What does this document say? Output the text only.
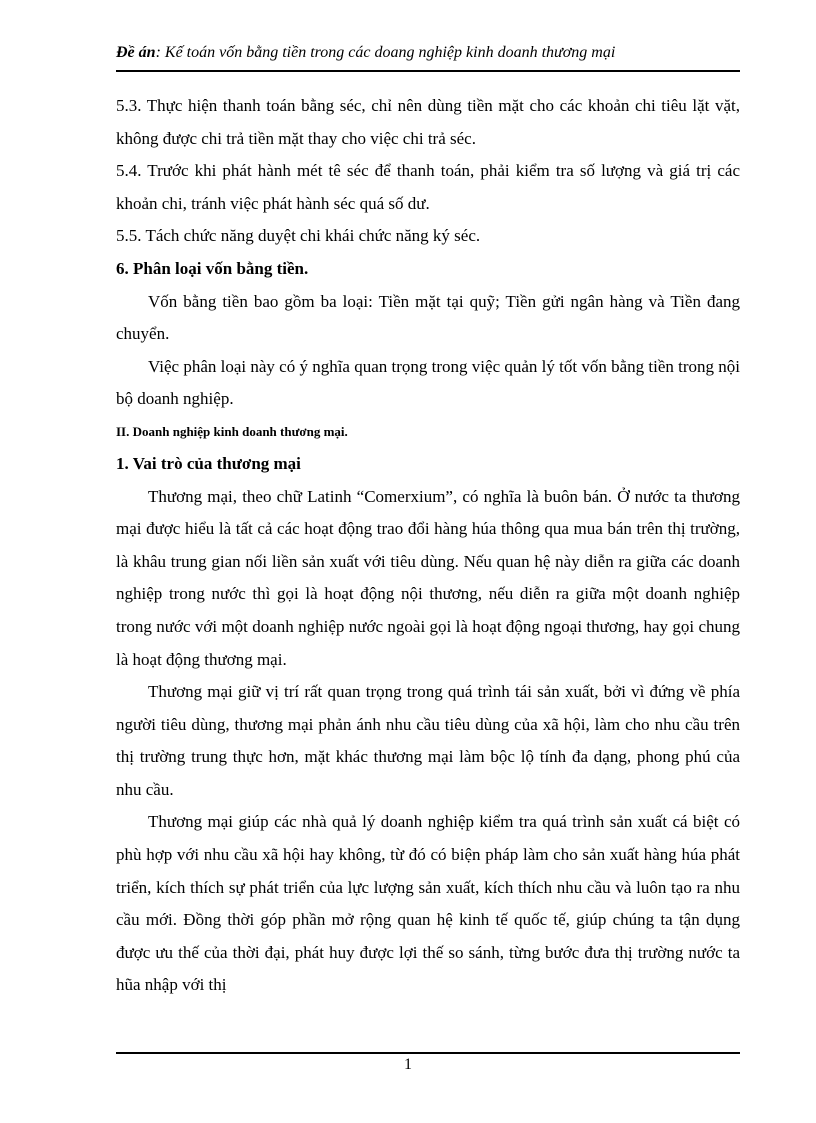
Đề án: Kế toán vốn bằng tiền trong các doang nghiệp kinh doanh thương mại

5.3. Thực hiện thanh toán bằng séc, chỉ nên dùng tiền mặt cho các khoản chi tiêu lặt vặt, không được chi trả tiền mặt thay cho việc chi trả séc.

5.4. Trước khi phát hành mét tê séc để thanh toán, phải kiểm tra số lượng và giá trị các khoản chi, tránh việc phát hành séc quá số dư.

5.5. Tách chức năng duyệt chi khái chức năng ký séc.

6. Phân loại vốn bằng tiền.

Vốn bằng tiền bao gồm ba loại: Tiền mặt tại quỹ; Tiền gửi ngân hàng và Tiền đang chuyển.

Việc phân loại này có ý nghĩa quan trọng trong việc quản lý tốt vốn bằng tiền trong nội bộ doanh nghiệp.

II. Doanh nghiệp kinh doanh thương mại.

1. Vai trò của thương mại

Thương mại, theo chữ Latinh “Comerxium”, có nghĩa là buôn bán. Ở nước ta thương mại được hiểu là tất cả các hoạt động trao đổi hàng húa thông qua mua bán trên thị trường, là khâu trung gian nối liền sản xuất với tiêu dùng. Nếu quan hệ này diễn ra giữa các doanh nghiệp trong nước thì gọi là hoạt động nội thương, nếu diễn ra giữa một doanh nghiệp trong nước với một doanh nghiệp nước ngoài gọi là hoạt động ngoại thương, hay gọi chung là hoạt động thương mại.

Thương mại giữ vị trí rất quan trọng trong quá trình tái sản xuất, bởi vì đứng về phía người tiêu dùng, thương mại phản ánh nhu cầu tiêu dùng của xã hội, làm cho nhu cầu trên thị trường trung thực hơn, mặt khác thương mại làm bộc lộ tính đa dạng, phong phú của nhu cầu.

Thương mại giúp các nhà quả lý doanh nghiệp kiểm tra quá trình sản xuất cá biệt có phù hợp với nhu cầu xã hội hay không, từ đó có biện pháp làm cho sản xuất hàng húa phát triển, kích thích sự phát triển của lực lượng sản xuất, kích thích nhu cầu và luôn tạo ra nhu cầu mới. Đồng thời góp phần mở rộng quan hệ kinh tế quốc tế, giúp chúng ta tận dụng được ưu thế của thời đại, phát huy được lợi thế so sánh, từng bước đưa thị trường nước ta hũa nhập với thị

1
